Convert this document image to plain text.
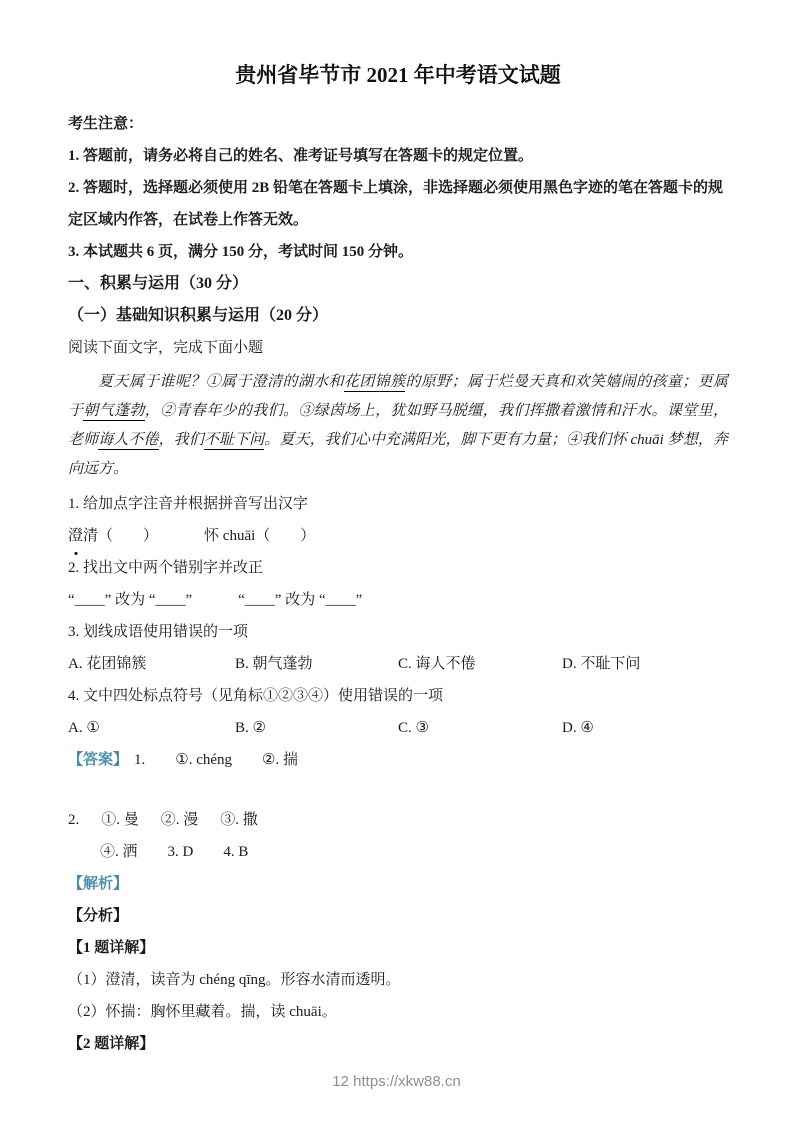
贵州省毕节市 2021 年中考语文试题

考生注意：

1. 答题前，请务必将自己的姓名、准考证号填写在答题卡的规定位置。

2. 答题时，选择题必须使用 2B 铅笔在答题卡上填涂，非选择题必须使用黑色字迹的笔在答题卡的规定区域内作答，在试卷上作答无效。

3. 本试题共 6 页，满分 150 分，考试时间 150 分钟。

一、积累与运用（30 分）
（一）基础知识积累与运用（20 分）

阅读下面文字，完成下面小题

夏天属于谁呢？①属于澄清的湖水和花团锦簇的原野；属于烂曼天真和欢笑嬉闹的孩童；更属于朝气蓬勃，②青春年少的我们。③绿茵场上，犹如野马脱缰，我们挥撒着激情和汗水。课堂里，老师诲人不倦，我们不耻下问。夏天，我们心中充满阳光，脚下更有力量；④我们怀 chuāi 梦想，奔向远方。

1. 给加点字注音并根据拼音写出汉字

澄清（　　）	怀 chuāi（　　）

2. 找出文中两个错别字并改正

“____” 改为 “____”	“____” 改为 “____”

3. 划线成语使用错误的一项

A. 花团锦簇	B. 朝气蓬勃	C. 诲人不倦	D. 不耻下问

4. 文中四处标点符号（见角标①②③④）使用错误的一项

A. ①	B. ②	C. ③	D. ④

【答案】 1. ①. chéng ②. 揣

2. ①. 曼 ②. 漫 ③. 撒

④. 洒 3. D 4. B

【解析】

【分析】

【1 题详解】

（1）澄清，读音为 chéng qīng。形容水清而透明。

（2）怀揣：胸怀里藏着。揣，读 chuāi。

【2 题详解】

12 https://xkw88.cn
